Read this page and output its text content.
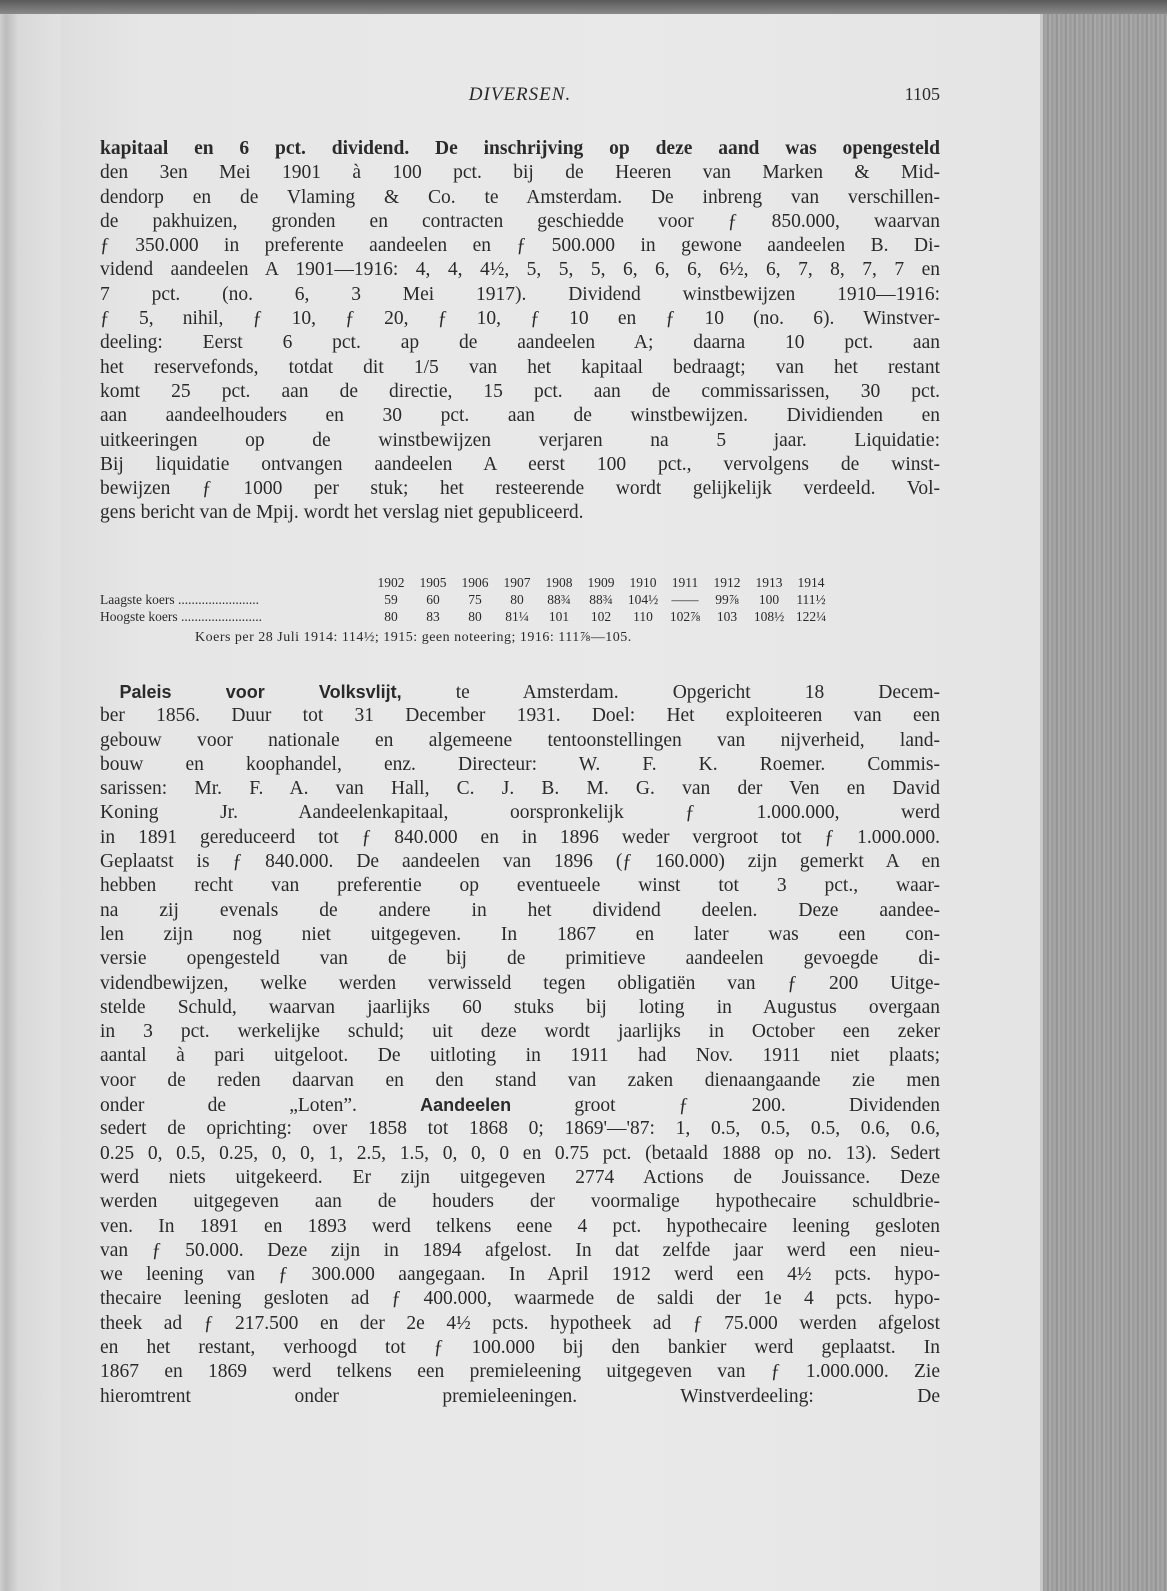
DIVERSEN.	1105
kapitaal en 6 pct. dividend. De inschrijving op deze aand was opengesteld
den 3en Mei 1901 à 100 pct. bij de Heeren van Marken & Mid-
dendorp en de Vlaming & Co. te Amsterdam. De inbreng van verschillen-
de pakhuizen, gronden en contracten geschiedde voor ƒ 850.000, waarvan
ƒ 350.000 in preferente aandeelen en ƒ 500.000 in gewone aandeelen B. Di-
vidend aandeelen A 1901—1916: 4, 4, 4½, 5, 5, 5, 6, 6, 6, 6½, 6, 7, 8, 7, 7 en
7 pct. (no. 6, 3 Mei 1917). Dividend winstbewijzen 1910—1916:
ƒ 5, nihil, ƒ 10, ƒ 20, ƒ 10, ƒ 10 en ƒ 10 (no. 6). Winstver-
deeling: Eerst 6 pct. ap de aandeelen A; daarna 10 pct. aan
het reservefonds, totdat dit 1/5 van het kapitaal bedraagt; van het restant
komt 25 pct. aan de directie, 15 pct. aan de commissarissen, 30 pct.
aan aandeelhouders en 30 pct. aan de winstbewijzen. Dividienden en
uitkeeringen op de winstbewijzen verjaren na 5 jaar. Liquidatie:
Bij liquidatie ontvangen aandeelen A eerst 100 pct., vervolgens de winst-
bewijzen ƒ 1000 per stuk; het resteerende wordt gelijkelijk verdeeld. Vol-
gens bericht van de Mpij. wordt het verslag niet gepubliceerd.
	1902	1905	1906	1907	1908	1909	1910	1911	1912	1913	1914
Laagste koers ........................	59	60	75	80	88¾	88¾	104½	——	99⅞	100	111½
Hoogste koers ........................	80	83	80	81¼	101	102	110	102⅞	103	108½	122¼
Koers per 28 Juli 1914: 114½; 1915: geen noteering; 1916: 111⅞—105.
 Paleis voor Volksvlijt, te Amsterdam. Opgericht 18 Decem-
ber 1856. Duur tot 31 December 1931. Doel: Het exploiteeren van een
gebouw voor nationale en algemeene tentoonstellingen van nijverheid, land-
bouw en koophandel, enz. Directeur: W. F. K. Roemer. Commis-
sarissen: Mr. F. A. van Hall, C. J. B. M. G. van der Ven en David
Koning Jr. Aandeelenkapitaal, oorspronkelijk ƒ 1.000.000, werd
in 1891 gereduceerd tot ƒ 840.000 en in 1896 weder vergroot tot ƒ 1.000.000.
Geplaatst is ƒ 840.000. De aandeelen van 1896 (ƒ 160.000) zijn gemerkt A en
hebben recht van preferentie op eventueele winst tot 3 pct., waar-
na zij evenals de andere in het dividend deelen. Deze aandee-
len zijn nog niet uitgegeven. In 1867 en later was een con-
versie opengesteld van de bij de primitieve aandeelen gevoegde di-
videndbewijzen, welke werden verwisseld tegen obligatiën van ƒ 200 Uitge-
stelde Schuld, waarvan jaarlijks 60 stuks bij loting in Augustus overgaan
in 3 pct. werkelijke schuld; uit deze wordt jaarlijks in October een zeker
aantal à pari uitgeloot. De uitloting in 1911 had Nov. 1911 niet plaats;
voor de reden daarvan en den stand van zaken dienaangaande zie men
onder de „Loten”. Aandeelen groot ƒ 200. Dividenden
sedert de oprichting: over 1858 tot 1868 0; 1869'—'87: 1, 0.5, 0.5, 0.5, 0.6, 0.6,
0.25 0, 0.5, 0.25, 0, 0, 1, 2.5, 1.5, 0, 0, 0 en 0.75 pct. (betaald 1888 op no. 13). Sedert
werd niets uitgekeerd. Er zijn uitgegeven 2774 Actions de Jouissance. Deze
werden uitgegeven aan de houders der voormalige hypothecaire schuldbrie-
ven. In 1891 en 1893 werd telkens eene 4 pct. hypothecaire leening gesloten
van ƒ 50.000. Deze zijn in 1894 afgelost. In dat zelfde jaar werd een nieu-
we leening van ƒ 300.000 aangegaan. In April 1912 werd een 4½ pcts. hypo-
thecaire leening gesloten ad ƒ 400.000, waarmede de saldi der 1e 4 pcts. hypo-
theek ad ƒ 217.500 en der 2e 4½ pcts. hypotheek ad ƒ 75.000 werden afgelost
en het restant, verhoogd tot ƒ 100.000 bij den bankier werd geplaatst. In
1867 en 1869 werd telkens een premieleening uitgegeven van ƒ 1.000.000. Zie
hieromtrent onder premieleeningen. Winstverdeeling: De
